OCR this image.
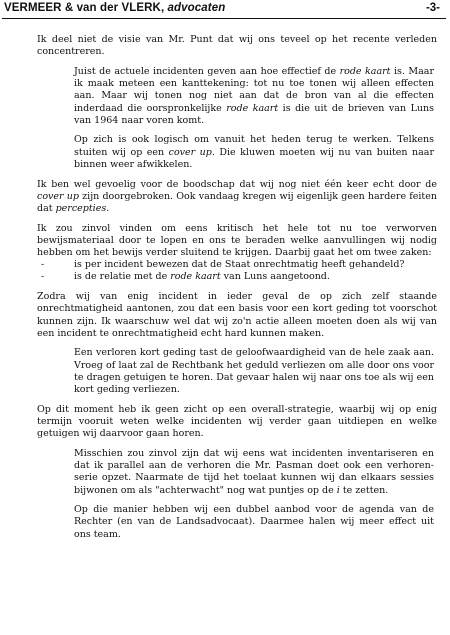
VERMEER & van der VLERK, advocaten	-3-

Ik deel niet de visie van Mr. Punt dat wij ons teveel op het recente verleden concentreren.

Juist de actuele incidenten geven aan hoe effectief de rode kaart is. Maar ik maak meteen een kanttekening: tot nu toe tonen wij alleen effecten aan. Maar wij tonen nog niet aan dat de bron van al die effecten inderdaad die oorspronkelijke rode kaart is die uit de brieven van Luns van 1964 naar voren komt.

Op zich is ook logisch om vanuit het heden terug te werken. Telkens stuiten wij op een cover up. Die kluwen moeten wij nu van buiten naar binnen weer afwikkelen.

Ik ben wel gevoelig voor de boodschap dat wij nog niet één keer echt door de cover up zijn doorgebroken. Ook vandaag kregen wij eigenlijk geen hardere feiten dat percepties.

Ik zou zinvol vinden om eens kritisch het hele tot nu toe verworven bewijsmateriaal door te lopen en ons te beraden welke aanvullingen wij nodig hebben om het bewijs verder sluitend te krijgen. Daarbij gaat het om twee zaken:

-	is per incident bewezen dat de Staat onrechtmatig heeft gehandeld?
-	is de relatie met de rode kaart van Luns aangetoond.

Zodra wij van enig incident in ieder geval de op zich zelf staande onrechtmatigheid aantonen, zou dat een basis voor een kort geding tot voorschot kunnen zijn. Ik waarschuw wel dat wij zo'n actie alleen moeten doen als wij van een incident te onrechtmatigheid echt hard kunnen maken.

Een verloren kort geding tast de geloofwaardigheid van de hele zaak aan. Vroeg of laat zal de Rechtbank het geduld verliezen om alle door ons voor te dragen getuigen te horen. Dat gevaar halen wij naar ons toe als wij een kort geding verliezen.

Op dit moment heb ik geen zicht op een overall-strategie, waarbij wij op enig termijn vooruit weten welke incidenten wij verder gaan uitdiepen en welke getuigen wij daarvoor gaan horen.

Misschien zou zinvol zijn dat wij eens wat incidenten inventariseren en dat ik parallel aan de verhoren die Mr. Pasman doet ook een verhoren-serie opzet. Naarmate de tijd het toelaat kunnen wij dan elkaars sessies bijwonen om als "achterwacht" nog wat puntjes op de i te zetten.

Op die manier hebben wij een dubbel aanbod voor de agenda van de Rechter (en van de Landsadvocaat). Daarmee halen wij meer effect uit ons team.
